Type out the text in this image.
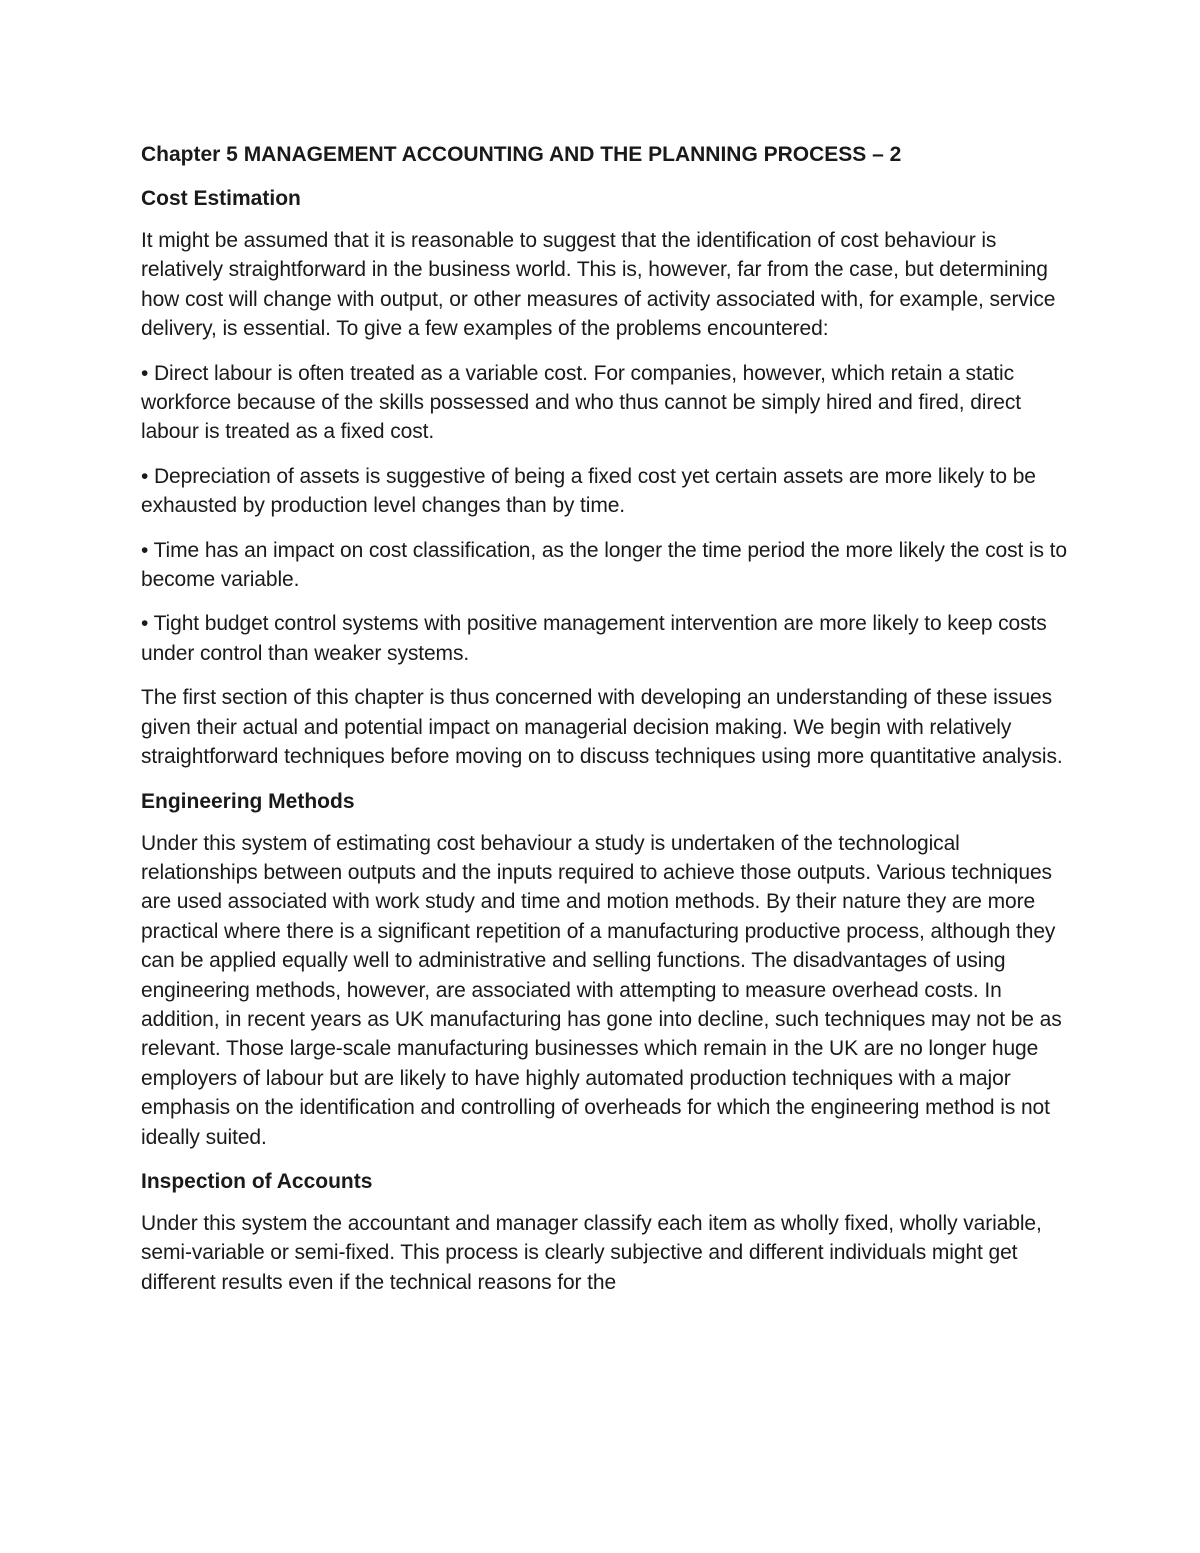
Chapter 5 MANAGEMENT ACCOUNTING AND THE PLANNING PROCESS – 2
Cost Estimation

It might be assumed that it is reasonable to suggest that the identification of cost behaviour is relatively straightforward in the business world. This is, however, far from the case, but determining how cost will change with output, or other measures of activity associated with, for example, service delivery, is essential. To give a few examples of the problems encountered:

• Direct labour is often treated as a variable cost. For companies, however, which retain a static workforce because of the skills possessed and who thus cannot be simply hired and fired, direct labour is treated as a fixed cost.

• Depreciation of assets is suggestive of being a fixed cost yet certain assets are more likely to be exhausted by production level changes than by time.

• Time has an impact on cost classification, as the longer the time period the more likely the cost is to become variable.

• Tight budget control systems with positive management intervention are more likely to keep costs under control than weaker systems.

The first section of this chapter is thus concerned with developing an understanding of these issues given their actual and potential impact on managerial decision making. We begin with relatively straightforward techniques before moving on to discuss techniques using more quantitative analysis.

Engineering Methods

Under this system of estimating cost behaviour a study is undertaken of the technological relationships between outputs and the inputs required to achieve those outputs. Various techniques are used associated with work study and time and motion methods. By their nature they are more practical where there is a significant repetition of a manufacturing productive process, although they can be applied equally well to administrative and selling functions. The disadvantages of using engineering methods, however, are associated with attempting to measure overhead costs. In addition, in recent years as UK manufacturing has gone into decline, such techniques may not be as relevant. Those large-scale manufacturing businesses which remain in the UK are no longer huge employers of labour but are likely to have highly automated production techniques with a major emphasis on the identification and controlling of overheads for which the engineering method is not ideally suited.

Inspection of Accounts

Under this system the accountant and manager classify each item as wholly fixed, wholly variable, semi-variable or semi-fixed. This process is clearly subjective and different individuals might get different results even if the technical reasons for the
